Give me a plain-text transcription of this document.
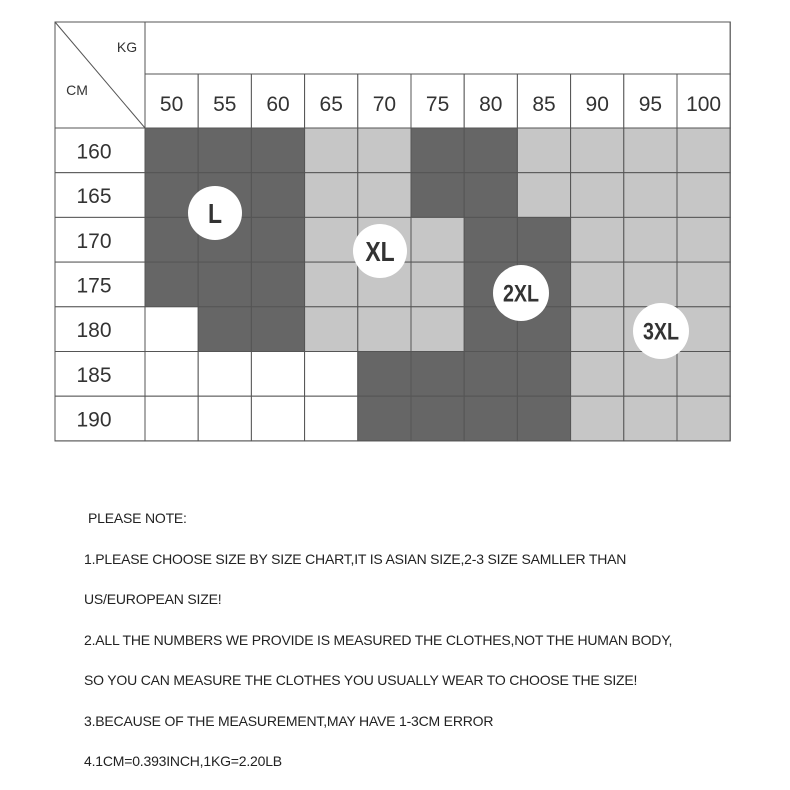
50 55 60 65 70 75 80 85 90 95 100
160
165
170
175
180
185
190
KG
CM
L
XL
2XL
3XL

PLEASE NOTE:

1.PLEASE CHOOSE SIZE BY SIZE CHART,IT IS ASIAN SIZE,2-3 SIZE SAMLLER THAN

US/EUROPEAN SIZE!

2.ALL THE NUMBERS WE PROVIDE IS MEASURED THE CLOTHES,NOT THE HUMAN BODY,

SO YOU CAN MEASURE THE CLOTHES YOU USUALLY WEAR TO CHOOSE THE SIZE!

3.BECAUSE OF THE MEASUREMENT,MAY HAVE 1-3CM ERROR

4.1CM=0.393INCH,1KG=2.20LB
